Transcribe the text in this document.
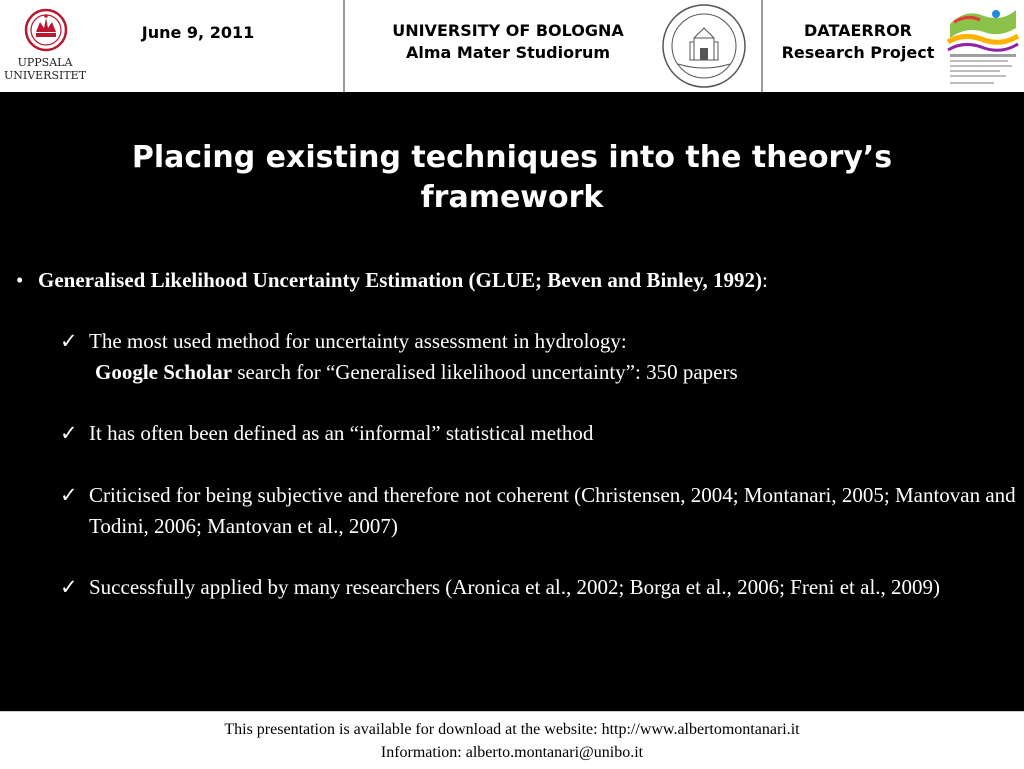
UPPSALA
UNIVERSITET
June 9, 2011	UNIVERSITY OF BOLOGNA
Alma Mater Studiorum
DATAERROR
Research Project
Placing existing techniques into the theory’s
framework
• Generalised Likelihood Uncertainty Estimation (GLUE; Beven and Binley, 1992):
✓ The most used method for uncertainty assessment in hydrology:
Google Scholar search for “Generalised likelihood uncertainty”: 350 papers
✓ It has often been defined as an “informal” statistical method
✓ Criticised for being subjective and therefore not coherent (Christensen, 2004; Montanari, 2005; Mantovan and Todini, 2006; Mantovan et al., 2007)
✓ Successfully applied by many researchers (Aronica et al., 2002; Borga et al., 2006; Freni et al., 2009)
This presentation is available for download at the website: http://www.albertomontanari.it
Information: alberto.montanari@unibo.it
